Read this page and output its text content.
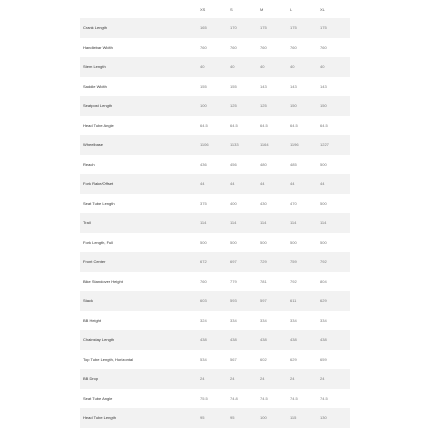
XS	S	M	L	XL
Crank Length	165	170	175	175	175
Handlebar Width	760	760	760	760	760
Stem Length	40	40	40	40	40
Saddle Width	155	155	143	143	143
Seatpost Length	100	125	125	150	150
Head Tube Angle	64.5	64.5	64.5	64.5	64.5
Wheelbase	1106	1133	1164	1196	1227
Reach	436	456	480	485	500
Fork Rake/Offset	44	44	44	44	44
Seat Tube Length	375	400	430	470	500
Trail	114	114	114	114	114
Fork Length, Full	500	500	500	500	500
Front Center	672	697	729	759	792
Bike Standover Height	760	779	781	792	804
Stack	603	593	597	611	629
BB Height	324	334	334	334	334
Chainstay Length	438	438	438	438	438
Top Tube Length, Horizontal	534	567	602	629	659
BB Drop	24	24	24	24	24
Seat Tube Angle	75.5	74.8	74.5	74.5	74.5
Head Tube Length	95	95	100	115	130
